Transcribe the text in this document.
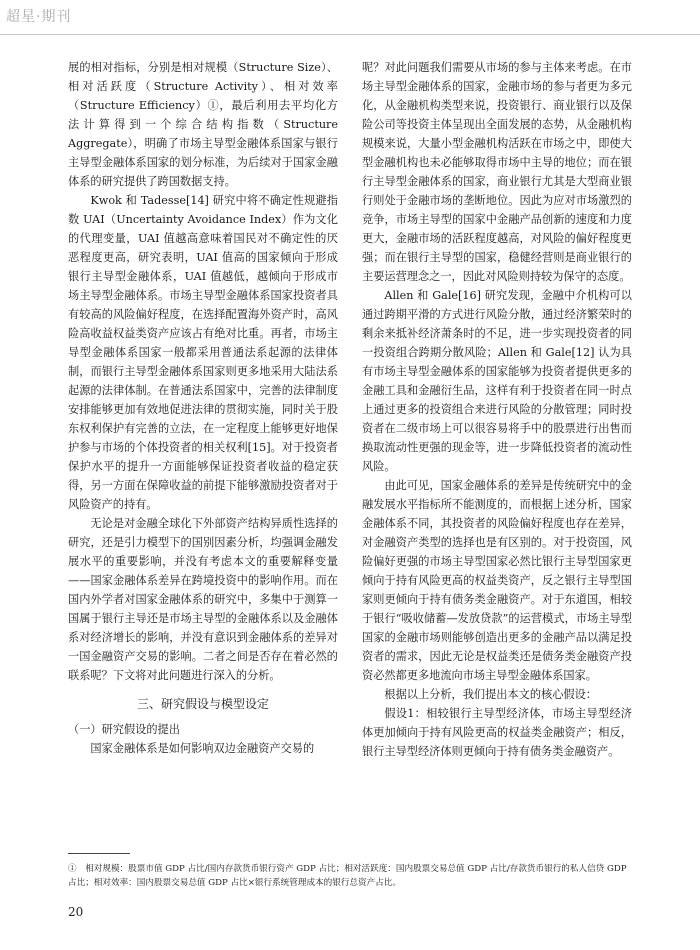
超星·期刊

展的相对指标，分别是相对规模（Structure Size）、相对活跃度（Structure Activity）、相对效率（Structure Efficiency）①，最后利用去平均化方法计算得到一个综合结构指数（Structure Aggregate），明确了市场主导型金融体系国家与银行主导型金融体系国家的划分标准，为后续对于国家金融体系的研究提供了跨国数据支持。

Kwok 和 Tadesse[14] 研究中将不确定性规避指数 UAI（Uncertainty Avoidance Index）作为文化的代理变量，UAI 值越高意味着国民对不确定性的厌恶程度更高，研究表明，UAI 值高的国家倾向于形成银行主导型金融体系，UAI 值越低，越倾向于形成市场主导型金融体系。市场主导型金融体系国家投资者具有较高的风险偏好程度，在选择配置海外资产时，高风险高收益权益类资产应该占有绝对比重。再者，市场主导型金融体系国家一般都采用普通法系起源的法律体制，而银行主导型金融体系国家则更多地采用大陆法系起源的法律体制。在普通法系国家中，完善的法律制度安排能够更加有效地促进法律的贯彻实施，同时关于股东权利保护有完善的立法，在一定程度上能够更好地保护参与市场的个体投资者的相关权利[15]。对于投资者保护水平的提升一方面能够保证投资者收益的稳定获得，另一方面在保障收益的前提下能够激励投资者对于风险资产的持有。

无论是对金融全球化下外部资产结构异质性选择的研究，还是引力模型下的国别因素分析，均强调金融发展水平的重要影响，并没有考虑本文的重要解释变量——国家金融体系差异在跨境投资中的影响作用。而在国内外学者对国家金融体系的研究中，多集中于测算一国属于银行主导还是市场主导型的金融体系以及金融体系对经济增长的影响，并没有意识到金融体系的差异对一国金融资产交易的影响。二者之间是否存在着必然的联系呢？下文将对此问题进行深入的分析。

三、研究假设与模型设定

（一）研究假设的提出

国家金融体系是如何影响双边金融资产交易的

呢？对此问题我们需要从市场的参与主体来考虑。在市场主导型金融体系的国家，金融市场的参与者更为多元化，从金融机构类型来说，投资银行、商业银行以及保险公司等投资主体呈现出全面发展的态势，从金融机构规模来说，大量小型金融机构活跃在市场之中，即使大型金融机构也未必能够取得市场中主导的地位；而在银行主导型金融体系的国家，商业银行尤其是大型商业银行则处于金融市场的垄断地位。因此为应对市场激烈的竞争，市场主导型的国家中金融产品创新的速度和力度更大，金融市场的活跃程度越高，对风险的偏好程度更强；而在银行主导型的国家，稳健经营则是商业银行的主要运营理念之一，因此对风险则持较为保守的态度。

Allen 和 Gale[16] 研究发现，金融中介机构可以通过跨期平滑的方式进行风险分散，通过经济繁荣时的剩余来抵补经济萧条时的不足，进一步实现投资者的同一投资组合跨期分散风险；Allen 和 Gale[12] 认为具有市场主导型金融体系的国家能够为投资者提供更多的金融工具和金融衍生品，这样有利于投资者在同一时点上通过更多的投资组合来进行风险的分散管理；同时投资者在二级市场上可以很容易将手中的股票进行出售而换取流动性更强的现金等，进一步降低投资者的流动性风险。

由此可见，国家金融体系的差异是传统研究中的金融发展水平指标所不能测度的，而根据上述分析，国家金融体系不同，其投资者的风险偏好程度也存在差异，对金融资产类型的选择也是有区别的。对于投资国，风险偏好更强的市场主导型国家必然比银行主导型国家更倾向于持有风险更高的权益类资产，反之银行主导型国家则更倾向于持有债务类金融资产。对于东道国，相较于银行“吸收储蓄—发放贷款”的运营模式，市场主导型国家的金融市场则能够创造出更多的金融产品以满足投资者的需求，因此无论是权益类还是债务类金融资产投资必然都更多地流向市场主导型金融体系国家。

根据以上分析，我们提出本文的核心假设：

假设1：相较银行主导型经济体，市场主导型经济体更加倾向于持有风险更高的权益类金融资产；相反，银行主导型经济体则更倾向于持有债务类金融资产。

①　相对规模：股票市值 GDP 占比/国内存款货币银行资产 GDP 占比；相对活跃度：国内股票交易总值 GDP 占比/存款货币银行的私人信贷 GDP 占比；相对效率：国内股票交易总值 GDP 占比×银行系统管理成本的银行总资产占比。
20
